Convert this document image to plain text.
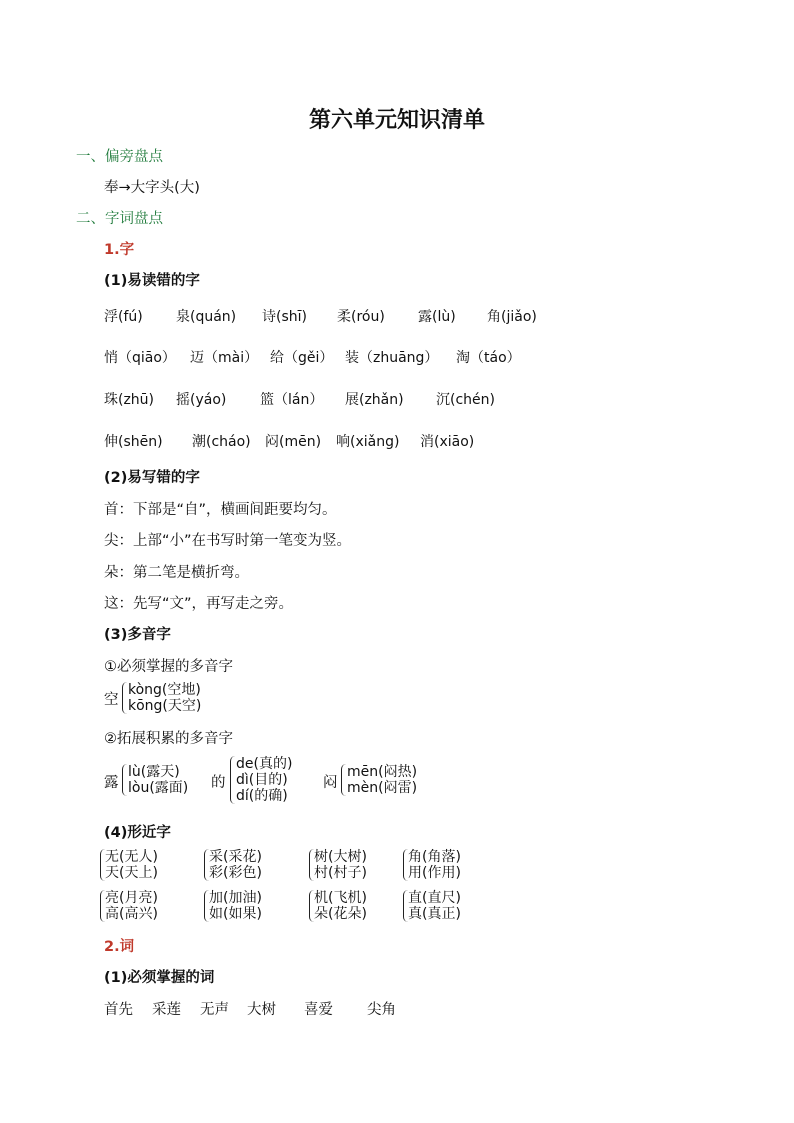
第六单元知识清单
一、偏旁盘点
奉→大字头(大)
二、字词盘点
1.字
(1)易读错的字
浮(fú) 泉(quán) 诗(shī) 柔(róu) 露(lù) 角(jiǎo)
悄（qiāo） 迈（mài） 给（gěi） 装（zhuāng） 淘（táo）
珠(zhū) 摇(yáo) 篮（lán） 展(zhǎn) 沉(chén)
伸(shēn) 潮(cháo) 闷(mēn) 响(xiǎng) 消(xiāo)
(2)易写错的字
首：下部是“自”，横画间距要均匀。
尖：上部“小”在书写时第一笔变为竖。
朵：第二笔是横折弯。
这：先写“文”，再写走之旁。
(3)多音字
①必须掌握的多音字
空
kòng(空地)
kōng(天空)
②拓展积累的多音字
露
lù(露天)
lòu(露面) 的
de(真的)
dì(目的)
dí(的确)
闷
mēn(闷热)
mèn(闷雷)
(4)形近字
无(无人)
天(天上)
采(采花)
彩(彩色)
树(大树)
村(村子)
角(角落)
用(作用)
亮(月亮)
高(高兴)
加(加油)
如(如果)
机(飞机)
朵(花朵)
直(直尺)
真(真正)
2.词
(1)必须掌握的词
首先 采莲 无声 大树 喜爱 尖角
